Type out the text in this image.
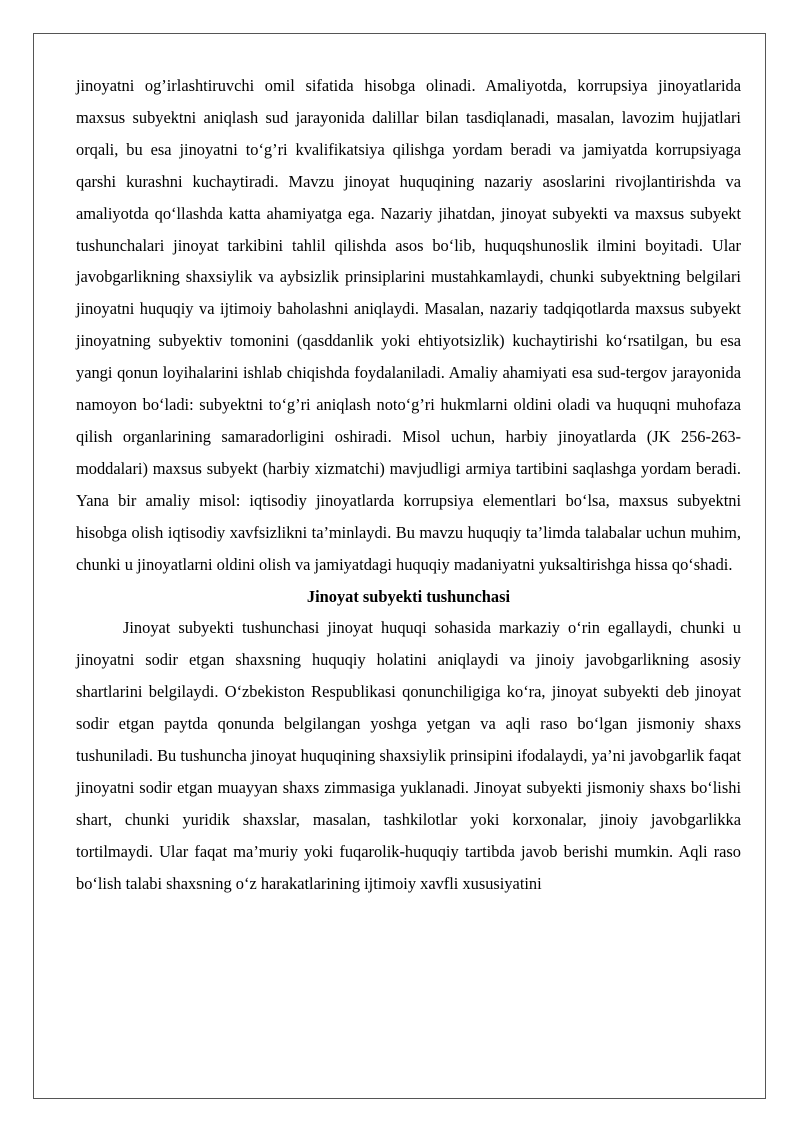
jinoyatni og’irlashtiruvchi omil sifatida hisobga olinadi. Amaliyotda, korrupsiya jinoyatlarida maxsus subyektni aniqlash sud jarayonida dalillar bilan tasdiqlanadi, masalan, lavozim hujjatlari orqali, bu esa jinoyatni to‘g’ri kvalifikatsiya qilishga yordam beradi va jamiyatda korrupsiyaga qarshi kurashni kuchaytiradi. Mavzu jinoyat huquqining nazariy asoslarini rivojlantirishda va amaliyotda qo‘llashda katta ahamiyatga ega. Nazariy jihatdan, jinoyat subyekti va maxsus subyekt tushunchalari jinoyat tarkibini tahlil qilishda asos bo‘lib, huquqshunoslik ilmini boyitadi. Ular javobgarlikning shaxsiylik va aybsizlik prinsiplarini mustahkamlaydi, chunki subyektning belgilari jinoyatni huquqiy va ijtimoiy baholashni aniqlaydi. Masalan, nazariy tadqiqotlarda maxsus subyekt jinoyatning subyektiv tomonini (qasddanlik yoki ehtiyotsizlik) kuchaytirishi ko‘rsatilgan, bu esa yangi qonun loyihalarini ishlab chiqishda foydalaniladi. Amaliy ahamiyati esa sud-tergov jarayonida namoyon bo‘ladi: subyektni to‘g’ri aniqlash noto‘g’ri hukmlarni oldini oladi va huquqni muhofaza qilish organlarining samaradorligini oshiradi. Misol uchun, harbiy jinoyatlarda (JK 256-263-moddalari) maxsus subyekt (harbiy xizmatchi) mavjudligi armiya tartibini saqlashga yordam beradi. Yana bir amaliy misol: iqtisodiy jinoyatlarda korrupsiya elementlari bo‘lsa, maxsus subyektni hisobga olish iqtisodiy xavfsizlikni ta’minlaydi. Bu mavzu huquqiy ta’limda talabalar uchun muhim, chunki u jinoyatlarni oldini olish va jamiyatdagi huquqiy madaniyatni yuksaltirishga hissa qo‘shadi.

Jinoyat subyekti tushunchasi

Jinoyat subyekti tushunchasi jinoyat huquqi sohasida markaziy o‘rin egallaydi, chunki u jinoyatni sodir etgan shaxsning huquqiy holatini aniqlaydi va jinoiy javobgarlikning asosiy shartlarini belgilaydi. O‘zbekiston Respublikasi qonunchiligiga ko‘ra, jinoyat subyekti deb jinoyat sodir etgan paytda qonunda belgilangan yoshga yetgan va aqli raso bo‘lgan jismoniy shaxs tushuniladi. Bu tushuncha jinoyat huquqining shaxsiylik prinsipini ifodalaydi, ya’ni javobgarlik faqat jinoyatni sodir etgan muayyan shaxs zimmasiga yuklanadi. Jinoyat subyekti jismoniy shaxs bo‘lishi shart, chunki yuridik shaxslar, masalan, tashkilotlar yoki korxonalar, jinoiy javobgarlikka tortilmaydi. Ular faqat ma’muriy yoki fuqarolik-huquqiy tartibda javob berishi mumkin. Aqli raso bo‘lish talabi shaxsning o‘z harakatlarining ijtimoiy xavfli xususiyatini
